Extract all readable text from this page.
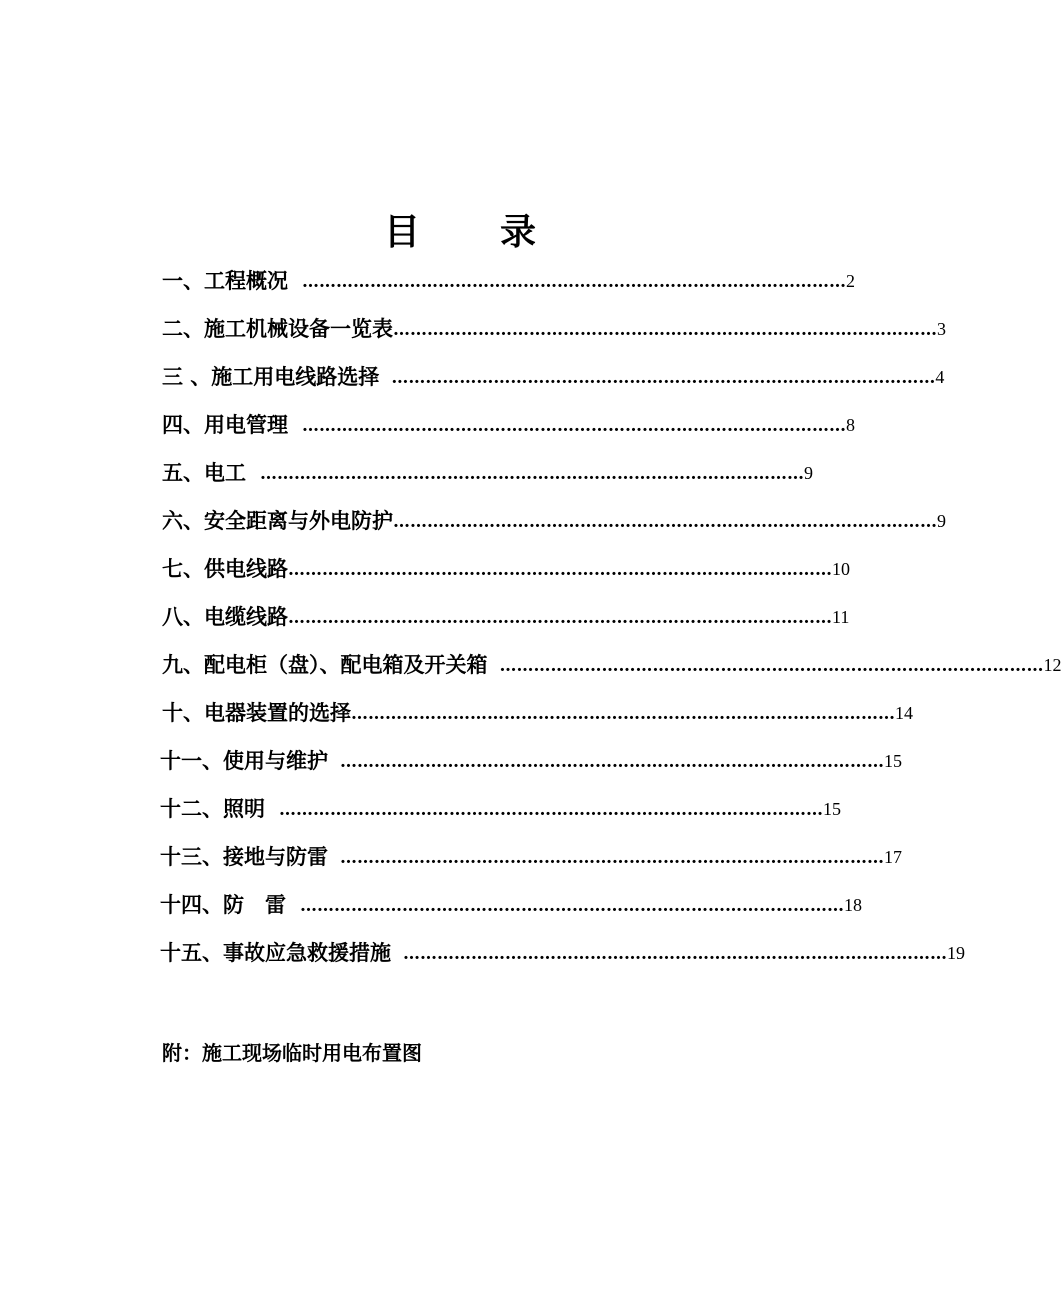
目录
一、工程概况 …………………………………………………………………………………… 2
二、施工机械设备一览表 …………………………………………………………………………………… 3
三 、施工用电线路选择 …………………………………………………………………………………… 4
四、用电管理 …………………………………………………………………………………… 8
五、电工 …………………………………………………………………………………… 9
六、安全距离与外电防护 …………………………………………………………………………………… 9
七、供电线路 …………………………………………………………………………………… 10
八、电缆线路 …………………………………………………………………………………… 11
九、配电柜（盘）、配电箱及开关箱 …………………………………………………………………………………… 12
十、电器装置的选择 …………………………………………………………………………………… 14
十一、使用与维护 …………………………………………………………………………………… 15
十二、照明 …………………………………………………………………………………… 15
十三、接地与防雷 …………………………………………………………………………………… 17
十四、防　雷 …………………………………………………………………………………… 18
十五、事故应急救援措施 …………………………………………………………………………………… 19
附：施工现场临时用电布置图
